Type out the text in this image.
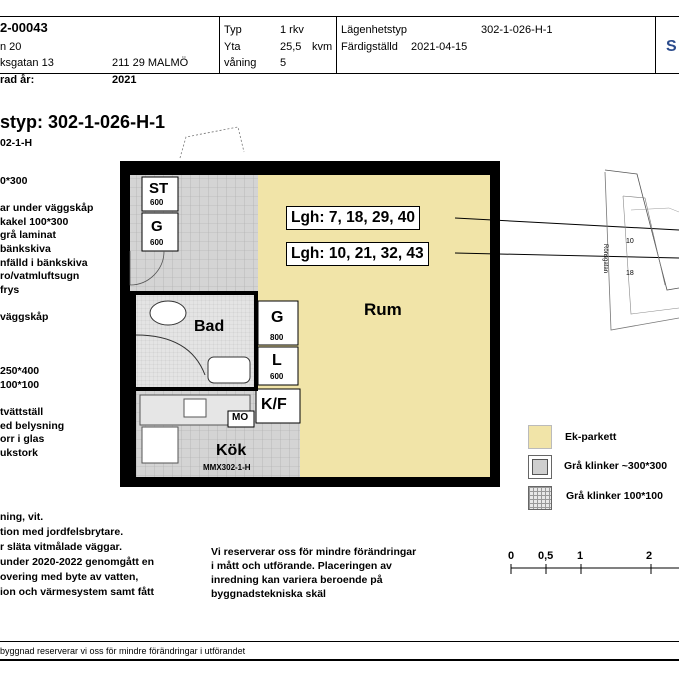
2-00043
n 20
ksgatan 13	211 29 MALMÖ
rad år:	2021
Typ	1 rkv
Yta	25,5 kvm
våning 5
Lägenhetstyp	302-1-026-H-1
Färdigställd 2021-04-15	S
styp: 302-1-026-H-1
02-1-H
0*300
ar under väggskåp
kakel 100*300
grå laminat
bänkskiva
nfälld i bänkskiva
ro/vatmluftsugn
frys
väggskåp
250*400
100*100
tvättställ
ed belysning
orr i glas
ukstork
ning, vit.
tion med jordfelsbrytare.
r släta vitmålade väggar.
under 2020-2022 genomgått en
overing med byte av vatten,
ion och värmesystem samt fått
ST
600
G
600
Bad
G
800
L
600
MO
K/F
Kök
MMX302-1-H
Rum
Lgh: 7, 18, 29, 40
Lgh: 10, 21, 32, 43	Rönsgatan
10
18
Ek-parkett
Grå klinker ~300*300
Grå klinker 100*100
Vi reserverar oss för mindre förändringar
i mått och utförande. Placeringen av
inredning kan variera beroende på
byggnadstekniska skäl
0 0,5 1	2
byggnad reserverar vi oss för mindre förändringar i utförandet
